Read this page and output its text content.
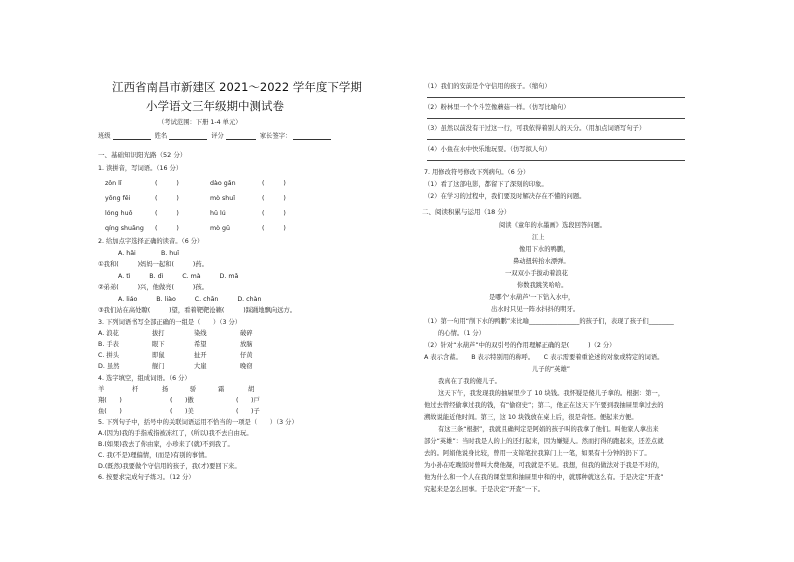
江西省南昌市新建区 2021～2022 学年度下学期
小学语文三年级期中测试卷
（考试范围：下册 1-4 单元）
班级	姓名	评分	家长签字：
一、基础知识阳光路（52 分）
1. 读拼音，写词语。（16 分）
zǒn lǐ	(　　　)	dào gǎn	(　　　)
yōng fēi	(　　　)	mò shuǐ	(　　　)
lóng huǒ	(　　　)	hū lú	(　　　)
qíng shuāng (　　　)	mò gū	(　　　)
2. 给加点字选择正确的读音。（6 分）
A. hǎi　　　　B. huī
①我和(　　　)妈妈一起和(　　　)药。
A. tì　　　B. dì　　　C. mà　　　D. mǎ
②弟弟(　　　)兴，他做亮(　　　)孩。
A. liáo　　　B. liào　　　C. chān　　　D. chàn
③我们站在高处瞭(　　　)望，看着靶靶沧籁(　　　)踩踊地飘向远方。
3. 下列词语书写全部正确的一组是（　　）（3 分）
A. 浪花	拔打	染线	破碎
B. 手表	眼下	希望	放脑
C. 拼头	即鼠	扯开	仔黄
D. 虽然	舰门	大崖	晚窃
4. 选字填空，组成词语。（6 分）
羊	杆	扬	骄	霜	胡
翔(　　)	(　　)傲	(　　)戸
鱼(　　)	(　　)美	(　　)子
5. 下列句子中，括号中的关联词语运用不恰当的一项是（　　）（3 分）
A.(因为)我的手指戒指被冻红了，(所以)我不去自由玩。
B.(如果)我去了你由家，小珍来了(就)不到我了。
C. 我(不是)理偏情，(而是)有别的事情。
D.(既然)我要做个守信用的孩子，我(才)要回下来。
6. 按要求完成句子练习。（12 分）
（1）我们的安前是个守信用的孩子。（缩句）
（2）粉林里一个个斗笠像蘑菇一样。（仿写比喻句）
（3）虽然以前没有干过这一行，可我依得着别人的天分。（用加点词语写句子）
（4）小鱼在水中快乐地玩耍。（仿写拟人句）
7. 用修改符号修改下列病句。（6 分）
（1）看了这部电影，都留下了深刻的印象。
（2）在学习的过程中，我们要及时解决存在不懂的问题。
二、阅读积累与运用（18 分）
阅读《童年的水墨画》选段回答问题。
江上
像用下水的鸭鹏，
鼻动扭转抬水漂弹。
一双双小手拔动着浪花
你数我跳笑哈哈。
是哪个'水葫芦'一下钻入水中，
出水时只见一阵水抖抖的明牙。
（1）第一句用“削下水的鸭鹏”来比喻________________的孩子们，表现了孩子们________
的心情。（1 分）
（2）针对“水葫芦”中的双引号的作用理解正确的是(　　　)（2 分）
A 表示含蓄。　　B 表示特别用的称呼。　　C 表示需要着重论述的对象或特定的词语。
儿子的“英雄”
我真在了我的傻儿子。
这天下午，我发现我的抽屉里少了 10 块钱。我怀疑是傻儿子拿的。根据：第一，
他过去曾经偷拿过我的钱，有“偷窃史”；第二，他正在这天下午要到我抽屉里拿过去的
溯故说能近他时间。第三，这 10 块钱放在桌上后，很是奇怪。便起来方便。
有这三条“根据”，我就且确判定是阿娟的孩子叫的我拿了他们。叫他家人拿出来
部分“英雄”：当时我是人的上的还打起来，因为嫌疑人。然而打得的跑起来，还差点就
去的。阿娟他说身比较，曾用一支锦笔拉我算门上一笔，如果有十分钟的扔下了。
为小孙在吃晚饭时曾叫大费他凝，可我就是不见。我想，但我的做法对于我是不对的，
他为什么和一个人在我的课堂里和抽屉里中和的中，就那种就这么有。于是决定“开查”
究起来是怎么回事。于是决定“开查”一下。
